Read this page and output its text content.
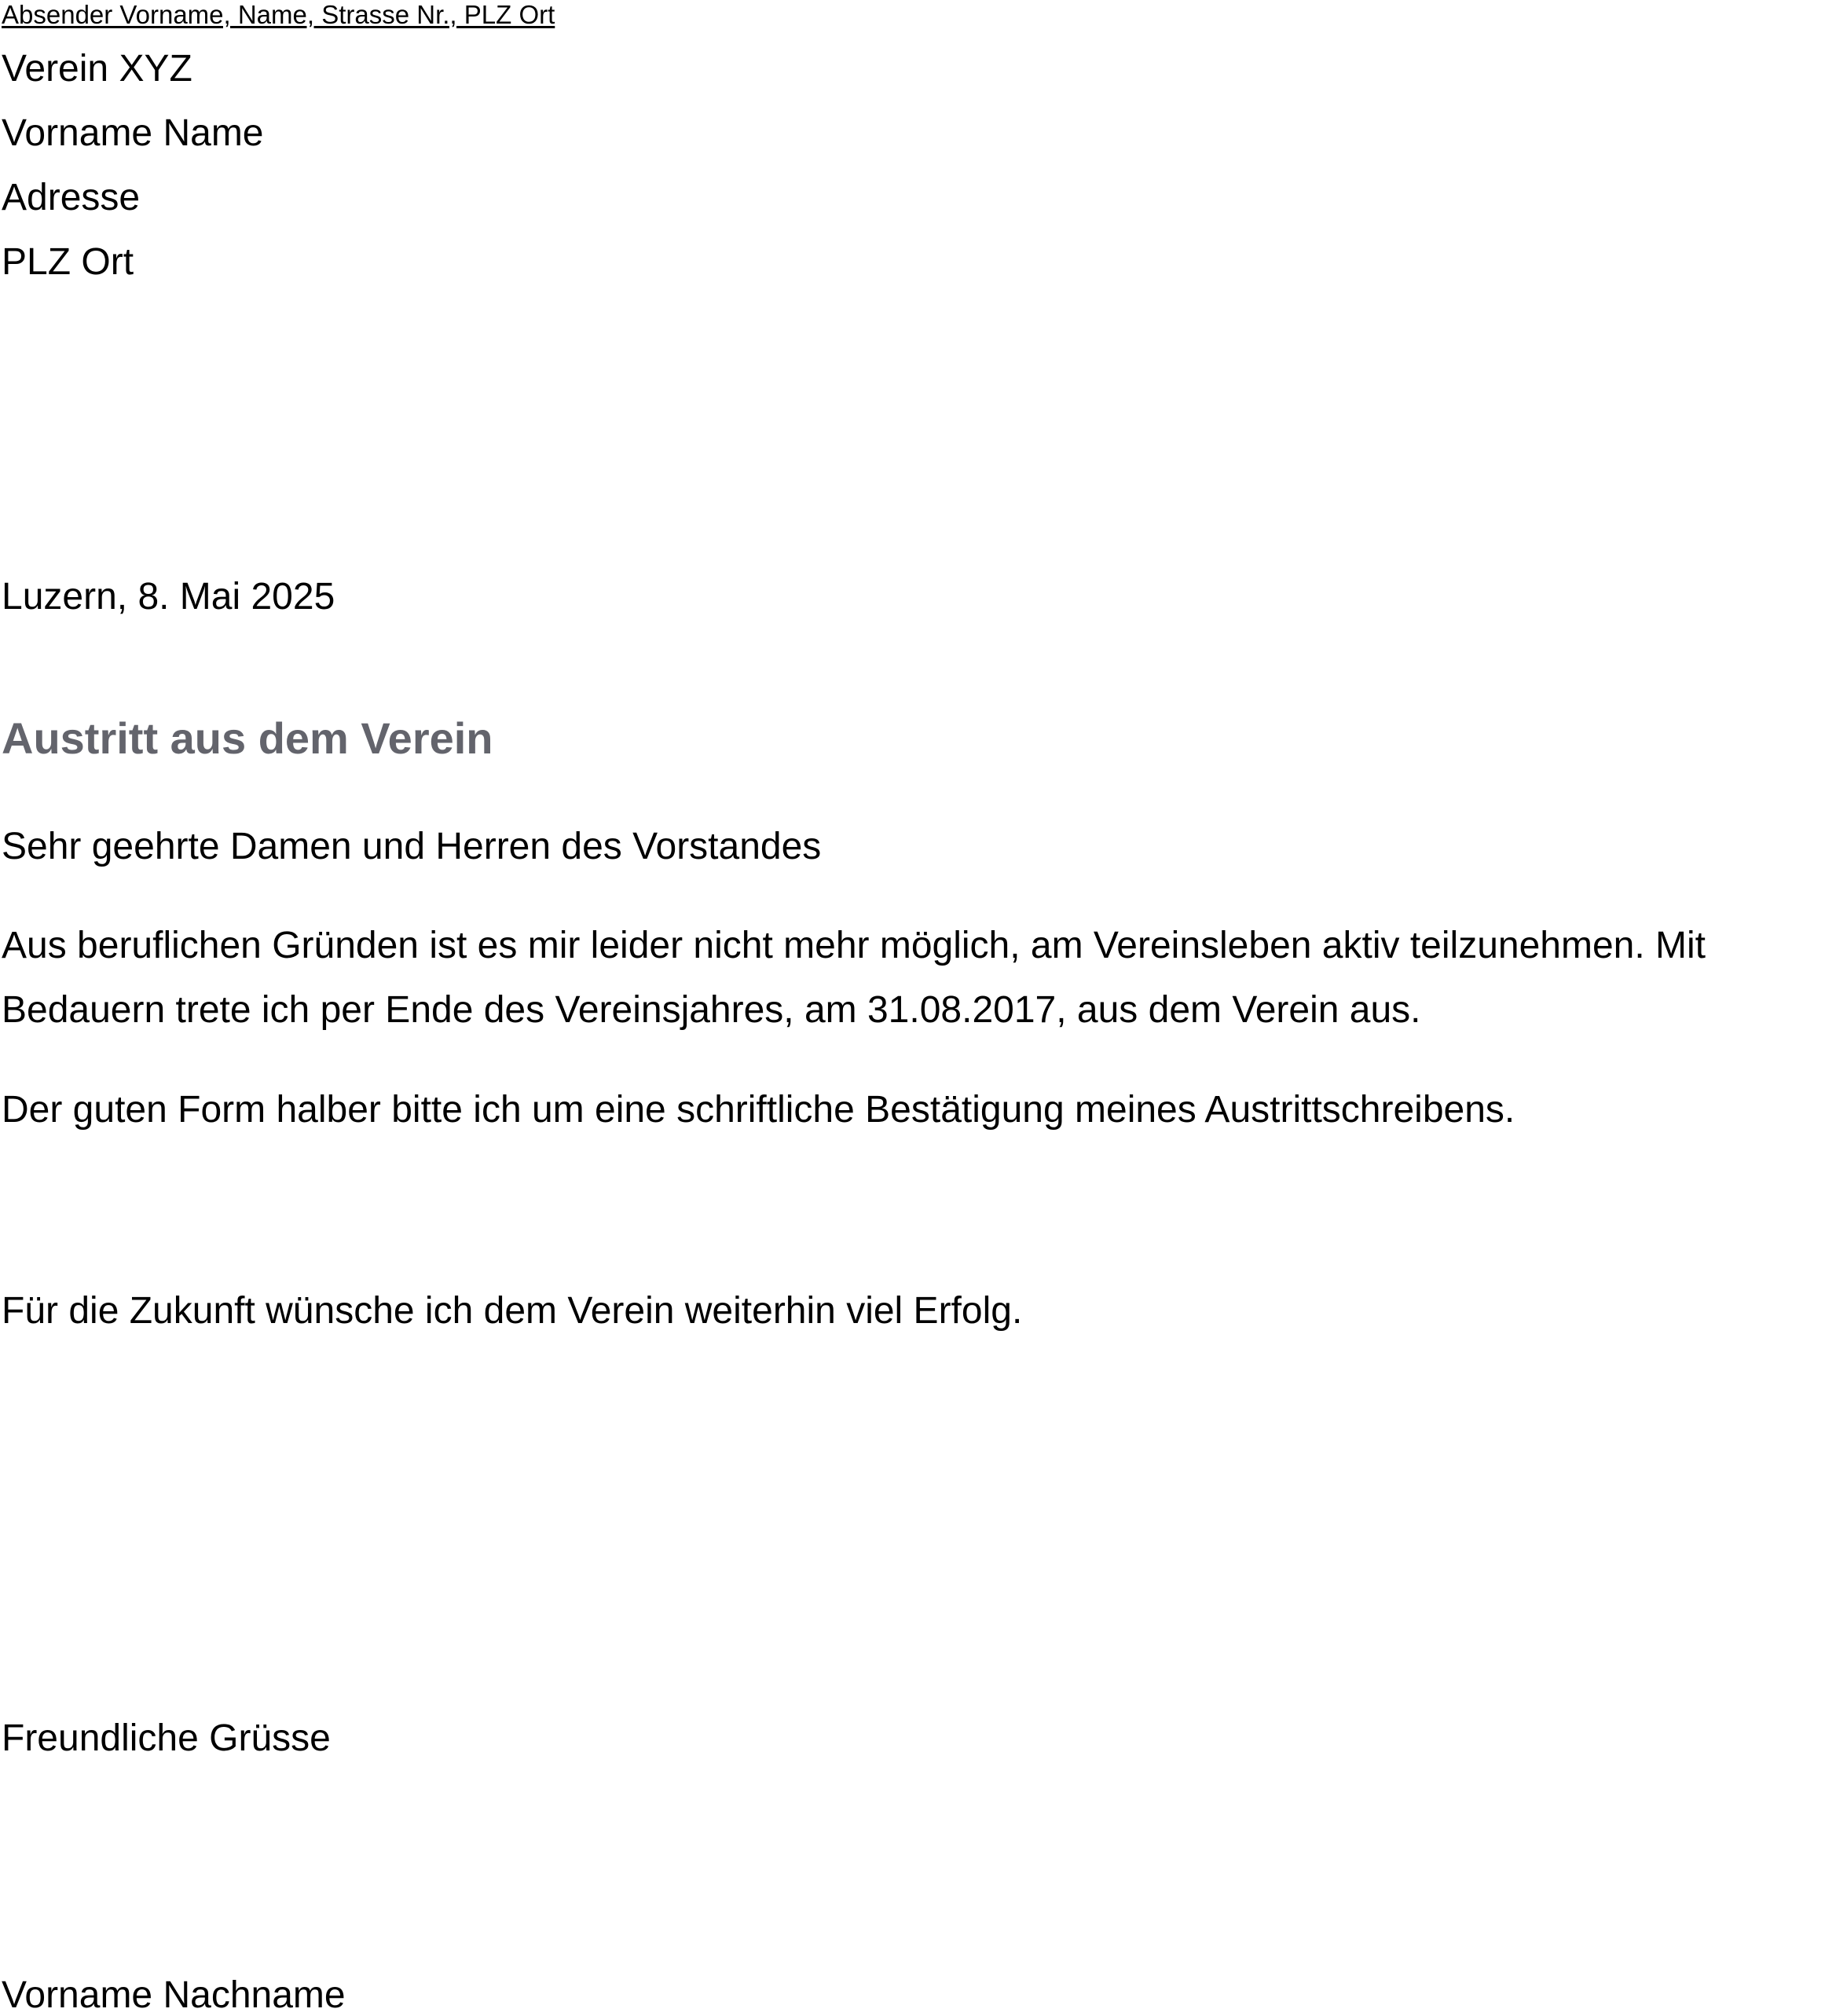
Absender Vorname, Name, Strasse Nr., PLZ Ort

Verein XYZ

Vorname Name

Adresse

PLZ Ort

Luzern, 8. Mai 2025

Austritt aus dem Verein

Sehr geehrte Damen und Herren des Vorstandes

Aus beruflichen Gründen ist es mir leider nicht mehr möglich, am Vereinsleben aktiv teilzunehmen. Mit

Bedauern trete ich per Ende des Vereinsjahres, am 31.08.2017, aus dem Verein aus.

Der guten Form halber bitte ich um eine schriftliche Bestätigung meines Austrittschreibens.

Für die Zukunft wünsche ich dem Verein weiterhin viel Erfolg.

Freundliche Grüsse

Vorname Nachname
